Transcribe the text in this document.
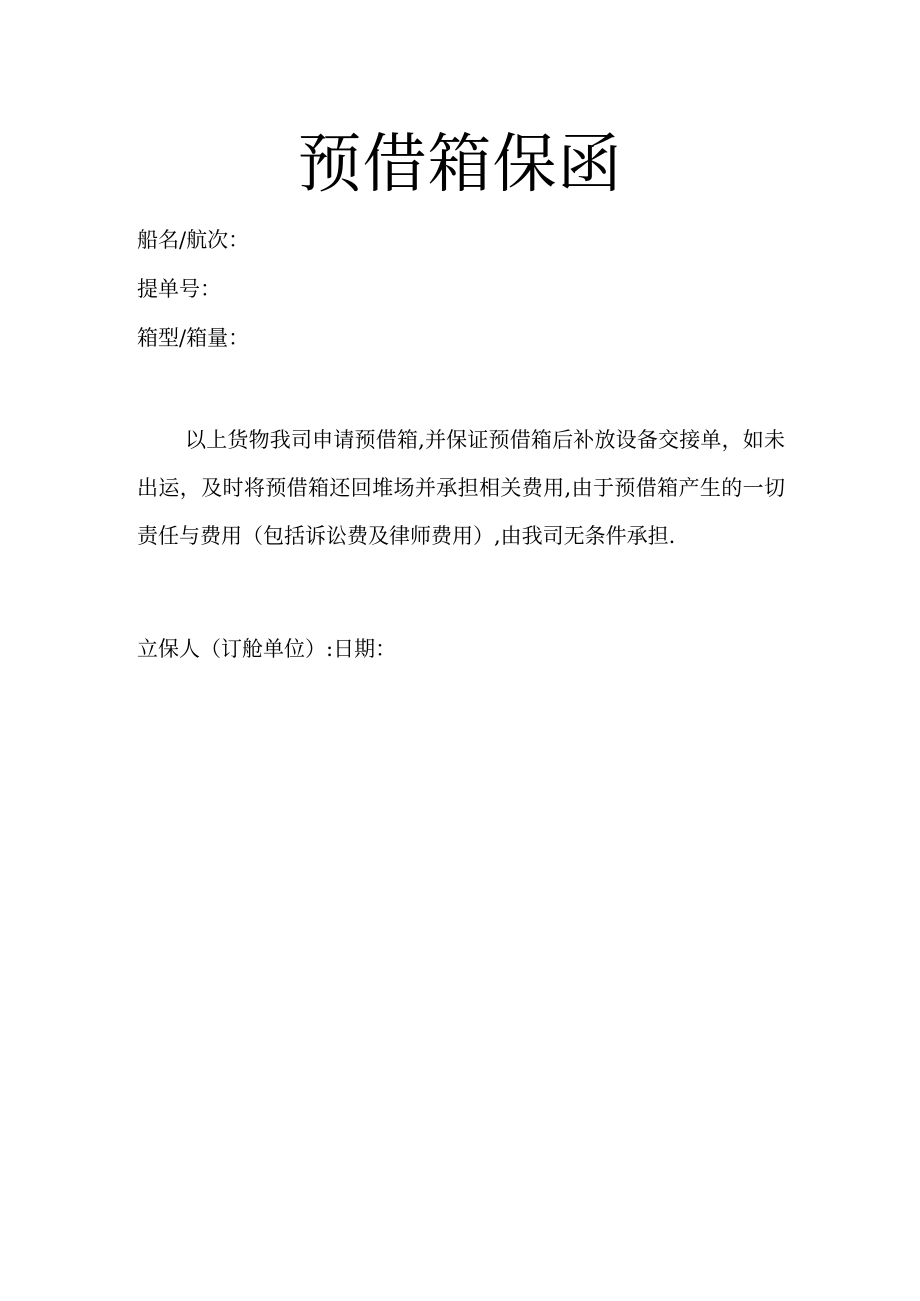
预借箱保函
船名/航次：
提单号：
箱型/箱量：

以上货物我司申请预借箱,并保证预借箱后补放设备交接单，如未出运，及时将预借箱还回堆场并承担相关费用,由于预借箱产生的一切责任与费用（包括诉讼费及律师费用）,由我司无条件承担.

立保人（订舱单位）:日期：
